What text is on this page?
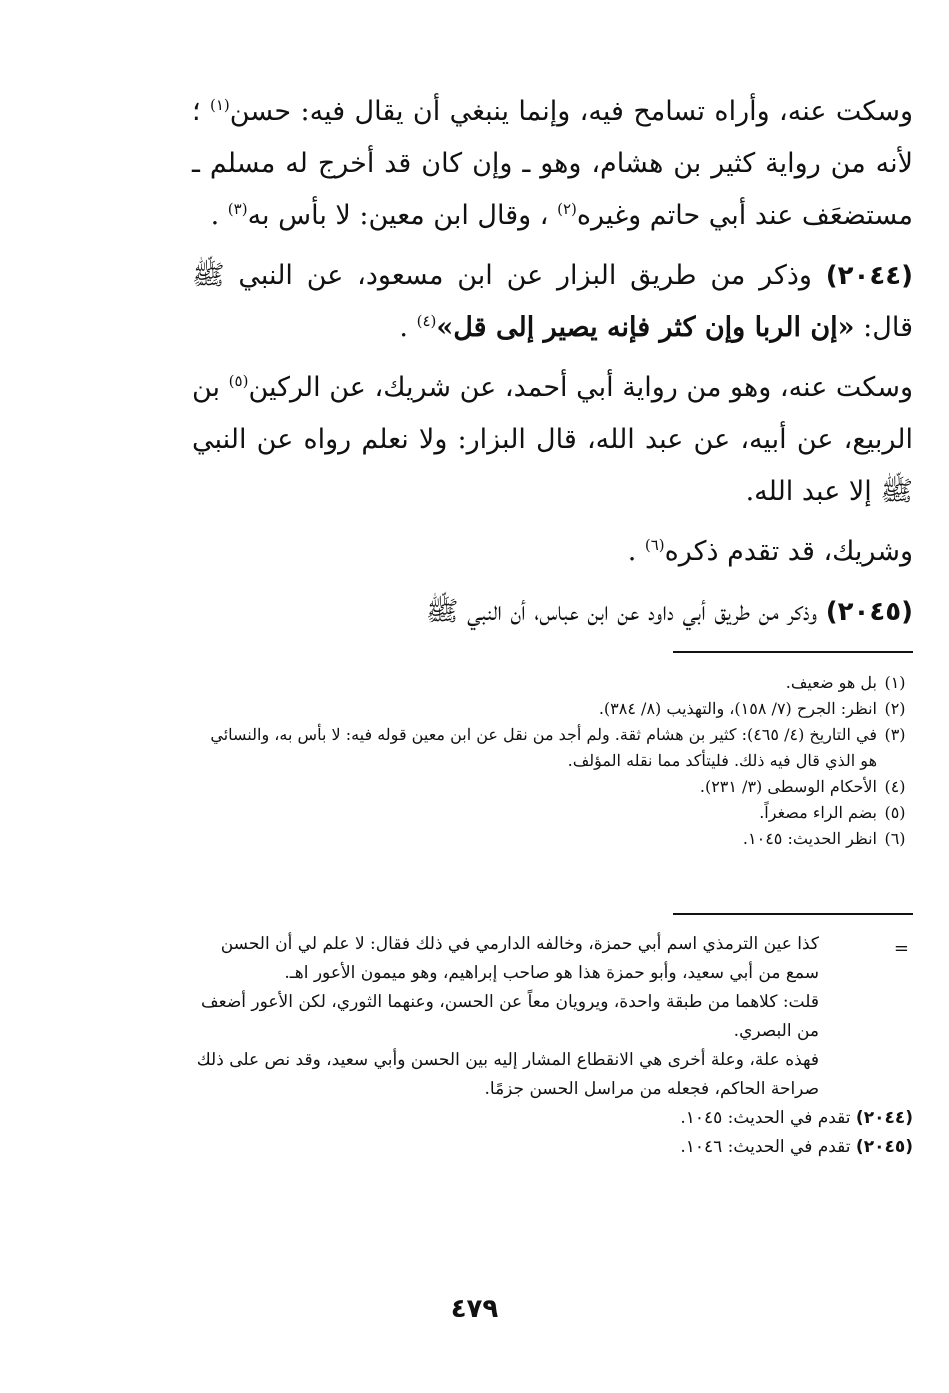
وسكت عنه، وأراه تسامح فيه، وإنما ينبغي أن يقال فيه: حسن$^{(١)}$ ؛ لأنه من رواية كثير بن هشام، وهو ـ وإن كان قد أخرج له مسلم ـ مستضعَف عند أبي حاتم وغيره$^{(٢)}$ ، وقال ابن معين: لا بأس به$^{(٣)}$ .

(٢٠٤٤) وذكر من طريق البزار عن ابن مسعود، عن النبي ﷺ قال: «إن الربا وإن كثر فإنه يصير إلى قل»$^{(٤)}$ .

وسكت عنه، وهو من رواية أبي أحمد، عن شريك، عن الركين$^{(٥)}$ بن الربيع، عن أبيه، عن عبد الله، قال البزار: ولا نعلم رواه عن النبي ﷺ إلا عبد الله.

وشريك، قد تقدم ذكره$^{(٦)}$ .

(٢٠٤٥) وذكر من طريق أبي داود عن ابن عباس، أن النبي ﷺ

(١)
بل هو ضعيف.
(٢)
انظر: الجرح (٧/ ١٥٨)، والتهذيب (٨/ ٣٨٤).
(٣)
في التاريخ (٤/ ٤٦٥): كثير بن هشام ثقة. ولم أجد من نقل عن ابن معين قوله فيه: لا بأس به، والنسائي هو الذي قال فيه ذلك. فليتأكد مما نقله المؤلف.
(٤)
الأحكام الوسطى (٣/ ٢٣١).
(٥)
بضم الراء مصغراً.
(٦)
انظر الحديث: ١٠٤٥.
=
كذا عين الترمذي اسم أبي حمزة، وخالفه الدارمي في ذلك فقال: لا علم لي أن الحسن سمع من أبي سعيد، وأبو حمزة هذا هو صاحب إبراهيم، وهو ميمون الأعور اهـ.
قلت: كلاهما من طبقة واحدة، ويرويان معاً عن الحسن، وعنهما الثوري، لكن الأعور أضعف من البصري.
فهذه علة، وعلة أخرى هي الانقطاع المشار إليه بين الحسن وأبي سعيد، وقد نص على ذلك صراحة الحاكم، فجعله من مراسل الحسن جزمًا.
(٢٠٤٤) تقدم في الحديث: ١٠٤٥.
(٢٠٤٥) تقدم في الحديث: ١٠٤٦.
٤٧٩
